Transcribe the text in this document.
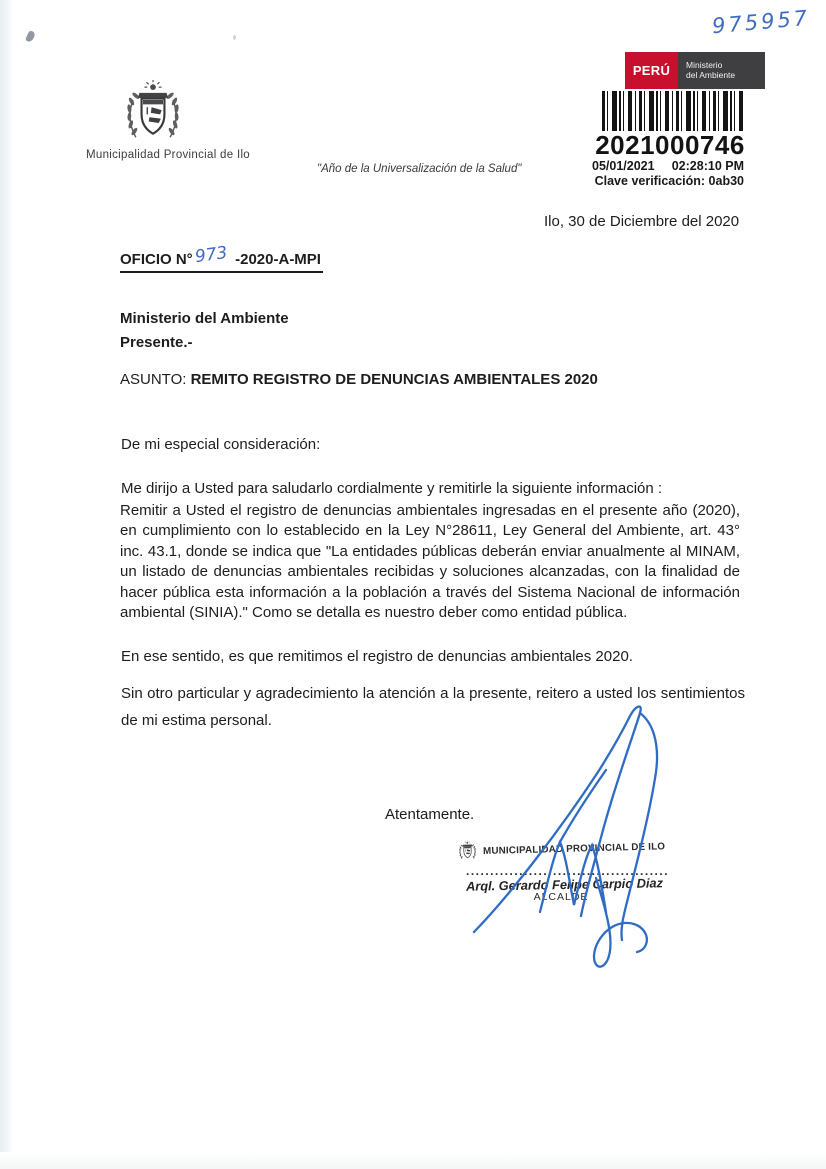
Municipalidad Provincial de Ilo
"Año de la Universalización de la Salud"
975957
PERÚ	Ministerio
del Ambiente
2021000746
05/01/2021 02:28:10 PM
Clave verificación: 0ab30
Ilo, 30 de Diciembre del 2020
OFICIO N°973 -2020-A-MPI
Ministerio del Ambiente
Presente.-
ASUNTO: REMITO REGISTRO DE DENUNCIAS AMBIENTALES 2020
De mi especial consideración:
Me dirijo a Usted para saludarlo cordialmente y remitirle la siguiente información :
Remitir a Usted el registro de denuncias ambientales ingresadas en el presente año (2020), en cumplimiento con lo establecido en la Ley N°28611, Ley General del Ambiente, art. 43° inc. 43.1, donde se indica que "La entidades públicas deberán enviar anualmente al MINAM, un listado de denuncias ambientales recibidas y soluciones alcanzadas, con la finalidad de hacer pública esta información a la población a través del Sistema Nacional de información ambiental (SINIA)." Como se detalla es nuestro deber como entidad pública.
En ese sentido, es que remitimos el registro de denuncias ambientales 2020.
Sin otro particular y agradecimiento la atención a la presente, reitero a usted los sentimientos de mi estima personal.
Atentamente.
MUNICIPALIDAD PROVINCIAL DE ILO
..........................................
Arql. Gerardo Felipe Carpio Diaz
ALCALDE
